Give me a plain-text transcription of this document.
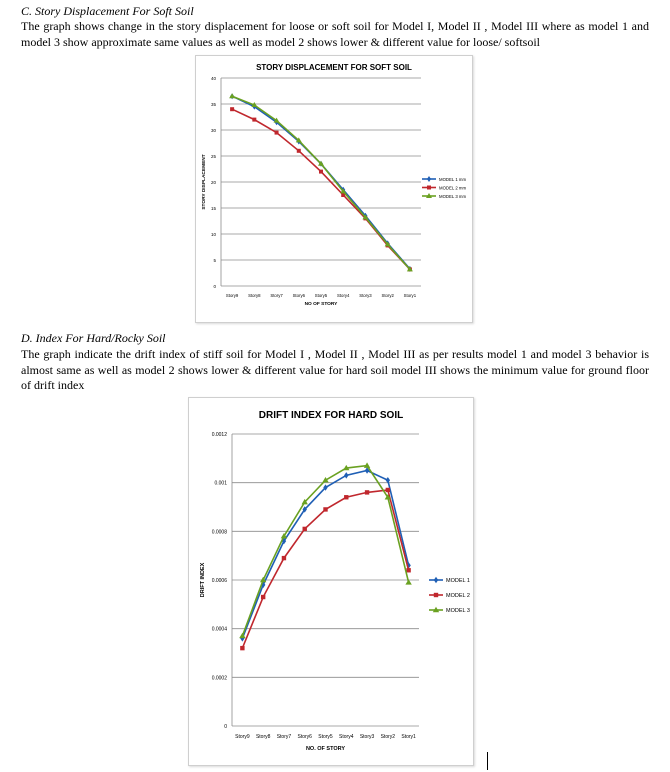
C. Story Displacement For Soft Soil
The graph shows change in the story displacement for loose or soft soil for Model I, Model II , Model III where as model 1 and model 3 show approximate same values as well as model 2 shows lower & different value for loose/ softsoil
STORY DISPLACEMENT FOR SOFT SOIL
0
5
10
15
20
25
30
35
40
Story9 Story8 Story7 Story6 Story5 Story4 Story3 Story2 Story1
NO OF STORY
STORY DISPLACEMENT	MODEL 1 mm
MODEL 2 mm
MODEL 3 mm
D. Index For Hard/Rocky Soil
The graph indicate the drift index of stiff soil for Model I , Model II , Model III as per results model 1 and model 3 behavior is almost same as well as model 2 shows lower & different value for hard soil model III shows the minimum value for ground floor of drift index
DRIFT INDEX FOR HARD SOIL
0
0.0002
0.0004
0.0006
0.0008
0.001
0.0012
Story9 Story8 Story7 Story6 Story5 Story4 Story3 Story2 Story1
NO. OF STORY
DRIFT INDEX	MODEL 1
MODEL 2
MODEL 3
